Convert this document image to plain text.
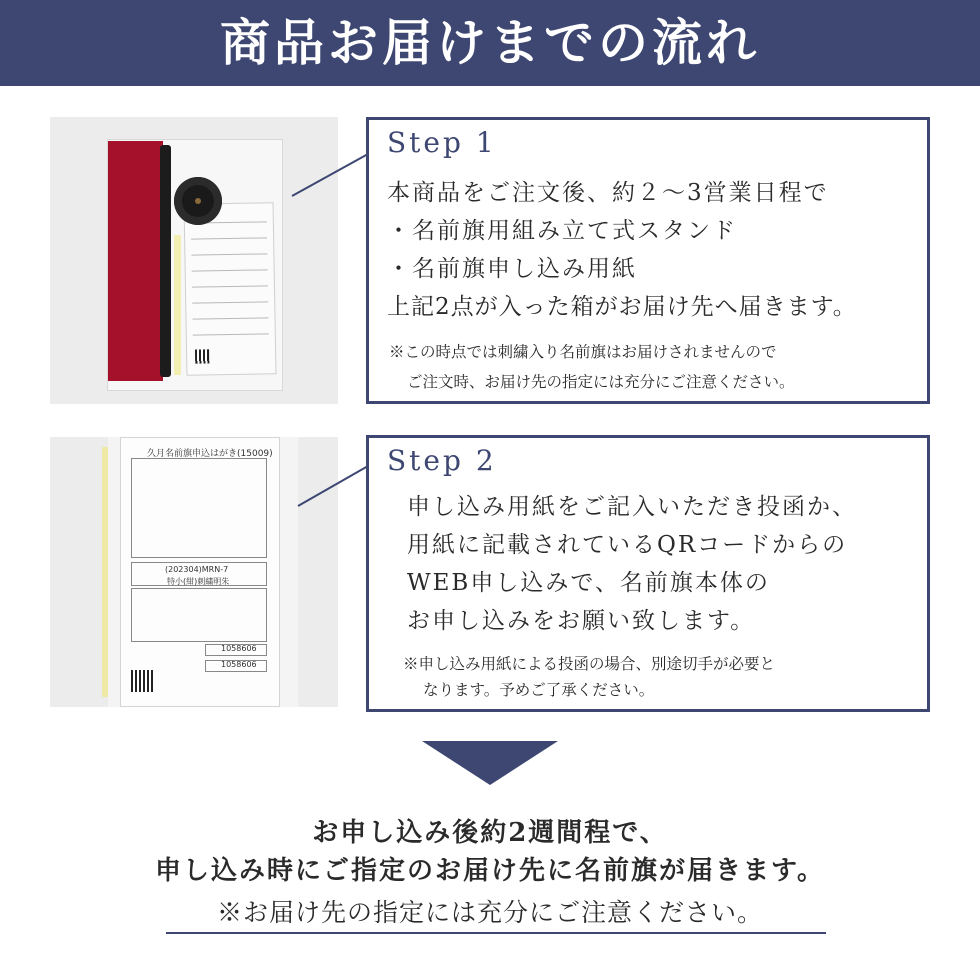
商品お届けまでの流れ
Step 1
本商品をご注文後、約２～3営業日程で
・名前旗用組み立て式スタンド
・名前旗申し込み用紙
上記2点が入った箱がお届け先へ届きます。
※この時点では刺繍入り名前旗はお届けされませんので
ご注文時、お届け先の指定には充分にご注意ください。
久月名前旗申込はがき(15009)
(202304)MRN-7
特小(紺)刺繍明朱
1058606
1058606
Step 2
申し込み用紙をご記入いただき投函か、
用紙に記載されているQRコードからの
WEB申し込みで、名前旗本体の
お申し込みをお願い致します。
※申し込み用紙による投函の場合、別途切手が必要と
なります。予めご了承ください。
お申し込み後約2週間程で、
申し込み時にご指定のお届け先に名前旗が届きます。
※お届け先の指定には充分にご注意ください。
